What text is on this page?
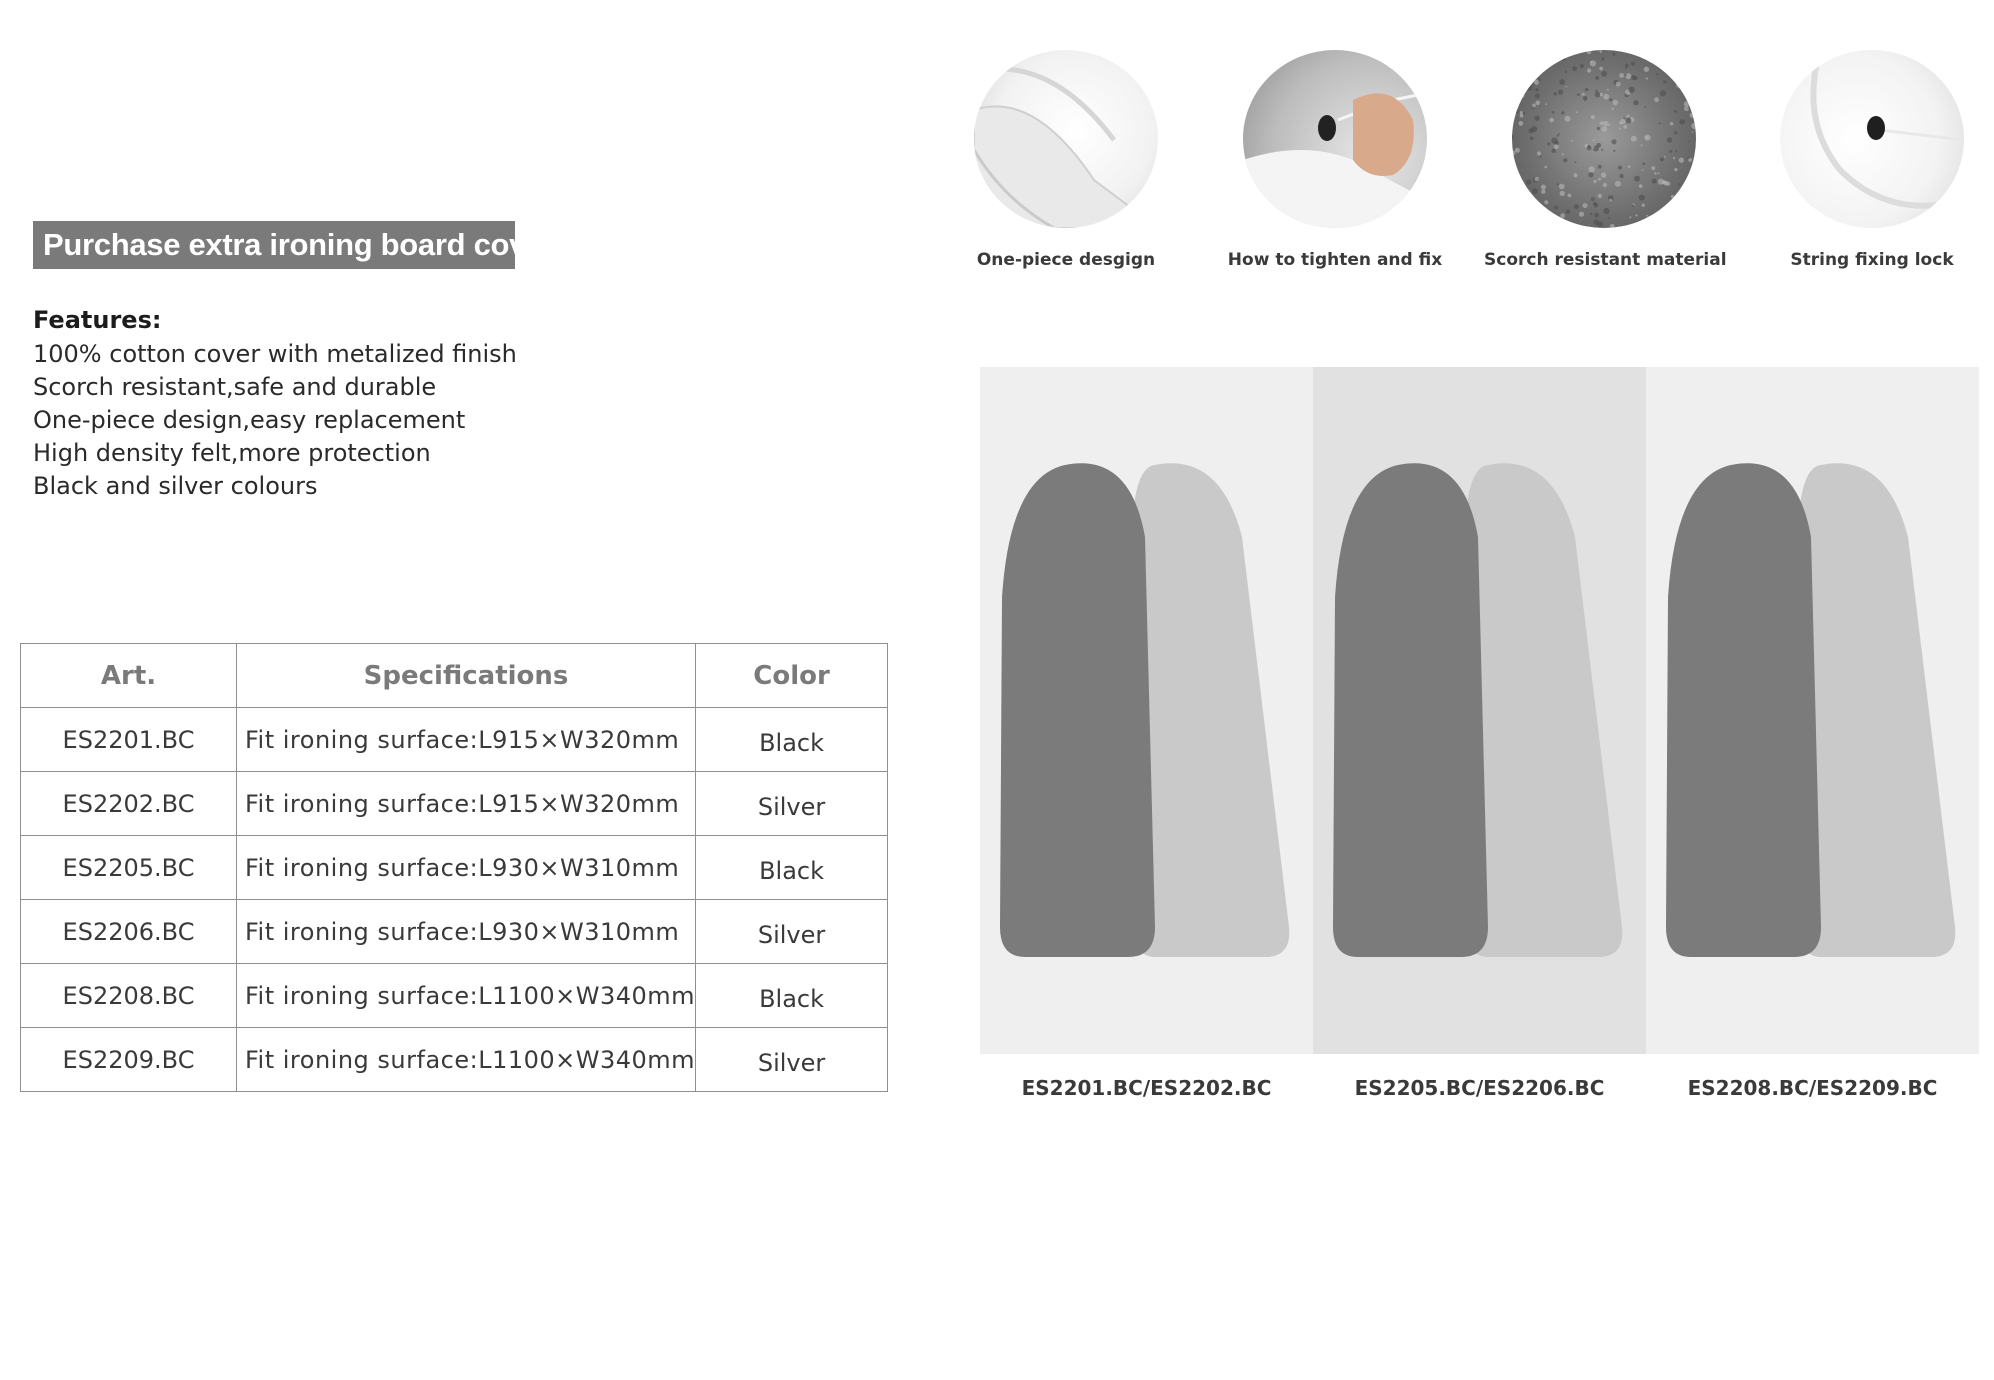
Purchase extra ironing board covers
Features:
100% cotton cover with metalized finish
Scorch resistant,safe and durable
One-piece design,easy replacement
High density felt,more protection
Black and silver colours
Art.	Specifications	Color
ES2201.BC	Fit ironing surface:L915×W320mm	Black
ES2202.BC	Fit ironing surface:L915×W320mm	Silver
ES2205.BC	Fit ironing surface:L930×W310mm	Black
ES2206.BC	Fit ironing surface:L930×W310mm	Silver
ES2208.BC	Fit ironing surface:L1100×W340mm	Black
ES2209.BC	Fit ironing surface:L1100×W340mm	Silver
One-piece desgign	How to tighten and fix	Scorch resistant material	String fixing lock
ES2201.BC/ES2202.BC	ES2205.BC/ES2206.BC	ES2208.BC/ES2209.BC
